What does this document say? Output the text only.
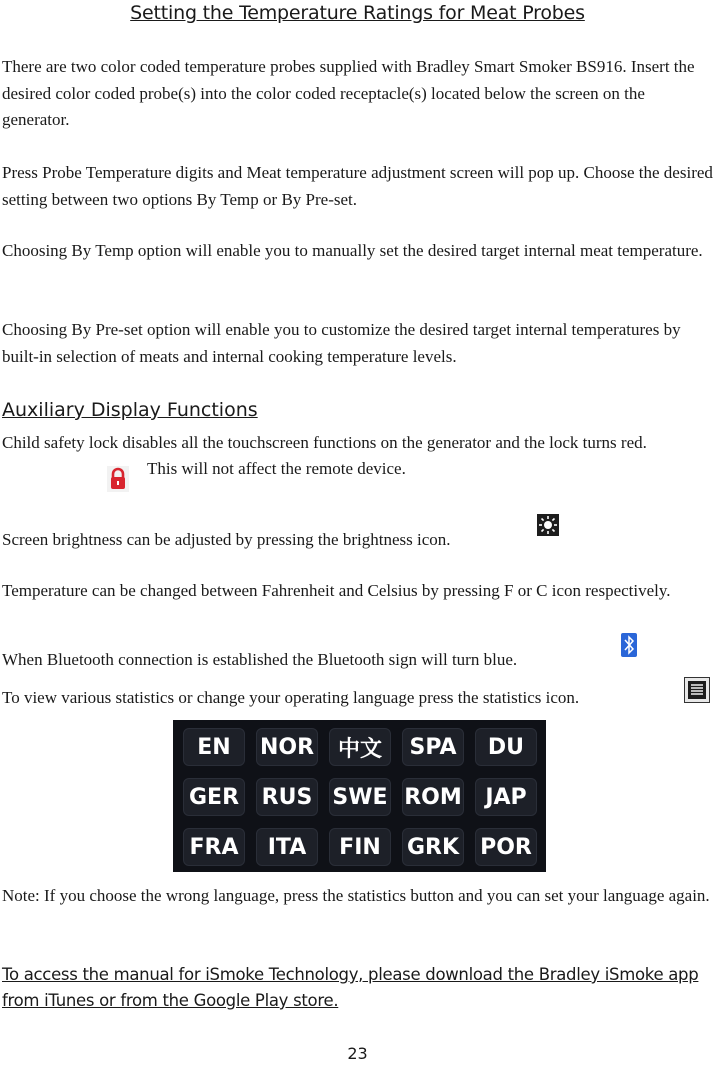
Setting the Temperature Ratings for Meat Probes

There are two color coded temperature probes supplied with Bradley Smart Smoker BS916. Insert the desired color coded probe(s) into the color coded receptacle(s) located below the screen on the generator.

Press Probe Temperature digits and Meat temperature adjustment screen will pop up. Choose the desired setting between two options By Temp or By Pre-set.

Choosing By Temp option will enable you to manually set the desired target internal meat temperature.

Choosing By Pre-set option will enable you to customize the desired target internal temperatures by built-in selection of meats and internal cooking temperature levels.

Auxiliary Display Functions

Child safety lock disables all the touchscreen functions on the generator and the lock turns red.

This will not affect the remote device.

Screen brightness can be adjusted by pressing the brightness icon.

Temperature can be changed between Fahrenheit and Celsius by pressing F or C icon respectively.

When Bluetooth connection is established the Bluetooth sign will turn blue.

To view various statistics or change your operating language press the statistics icon.

EN	NOR	中文	SPA	DU
GER RUS SWE ROM	JAP
FRA	ITA	FIN	GRK POR

Note: If you choose the wrong language, press the statistics button and you can set your language again.

To access the manual for iSmoke Technology, please download the Bradley iSmoke app from iTunes or from the Google Play store.

23
